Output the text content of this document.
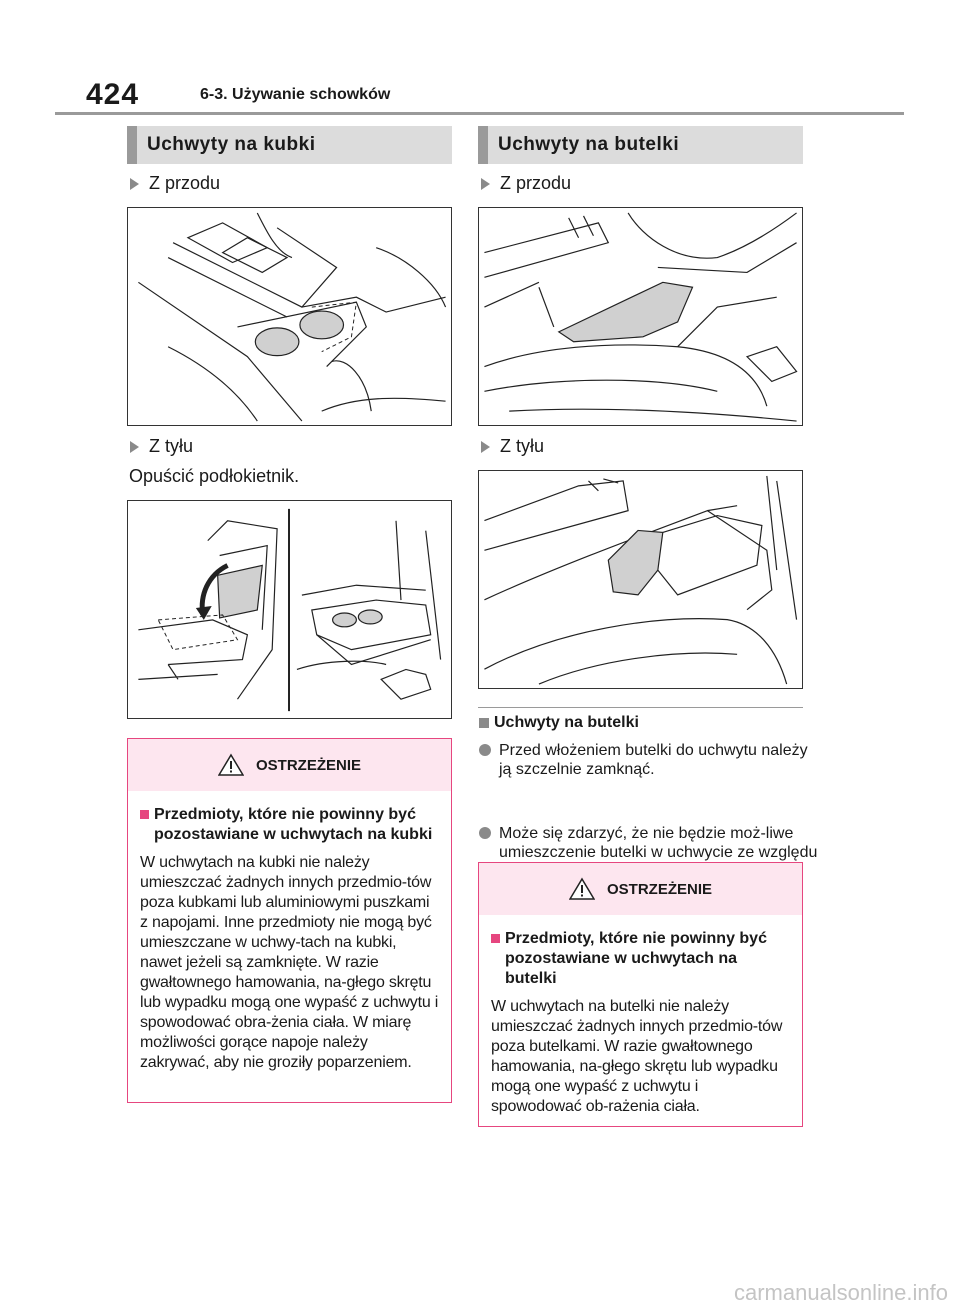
424	6-3. Używanie schowków
Uchwyty na kubki
Z przodu
Z tyłu
Opuścić podłokietnik.
OSTRZEŻENIE

Przedmioty, które nie powinny być pozostawiane w uchwytach na kubki

W uchwytach na kubki nie należy umieszczać żadnych innych przedmio-tów poza kubkami lub aluminiowymi puszkami z napojami. Inne przedmioty nie mogą być umieszczane w uchwy-tach na kubki, nawet jeżeli są zamknięte. W razie gwałtownego hamowania, na-głego skrętu lub wypadku mogą one wypaść z uchwytu i spowodować obra-żenia ciała. W miarę możliwości gorące napoje należy zakrywać, aby nie groziły poparzeniem.

Uchwyty na butelki
Z przodu
Z tyłu
Uchwyty na butelki
Przed włożeniem butelki do uchwytu należy ją szczelnie zamknąć.
Może się zdarzyć, że nie będzie moż-liwe umieszczenie butelki w uchwycie ze względu
OSTRZEŻENIE

Przedmioty, które nie powinny być pozostawiane w uchwytach na butelki

W uchwytach na butelki nie należy umieszczać żadnych innych przedmio-tów poza butelkami. W razie gwałtownego hamowania, na-głego skrętu lub wypadku mogą one wypaść z uchwytu i spowodować ob-rażenia ciała.

carmanualsonline.info
